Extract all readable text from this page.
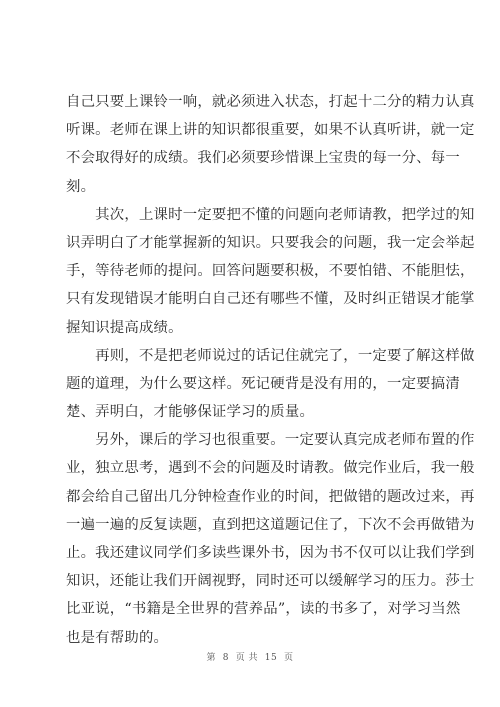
自己只要上课铃一响，就必须进入状态，打起十二分的精力认真
听课。老师在课上讲的知识都很重要，如果不认真听讲，就一定
不会取得好的成绩。我们必须要珍惜课上宝贵的每一分、每一
刻。
　　其次，上课时一定要把不懂的问题向老师请教，把学过的知
识弄明白了才能掌握新的知识。只要我会的问题，我一定会举起
手，等待老师的提问。回答问题要积极，不要怕错、不能胆怯，
只有发现错误才能明白自己还有哪些不懂，及时纠正错误才能掌
握知识提高成绩。
　　再则，不是把老师说过的话记住就完了，一定要了解这样做
题的道理，为什么要这样。死记硬背是没有用的，一定要搞清
楚、弄明白，才能够保证学习的质量。
　　另外，课后的学习也很重要。一定要认真完成老师布置的作
业，独立思考，遇到不会的问题及时请教。做完作业后，我一般
都会给自己留出几分钟检查作业的时间，把做错的题改过来，再
一遍一遍的反复读题，直到把这道题记住了，下次不会再做错为
止。我还建议同学们多读些课外书，因为书不仅可以让我们学到
知识，还能让我们开阔视野，同时还可以缓解学习的压力。莎士
比亚说，“书籍是全世界的营养品”，读的书多了，对学习当然
也是有帮助的。
第  8  页 共  15  页
